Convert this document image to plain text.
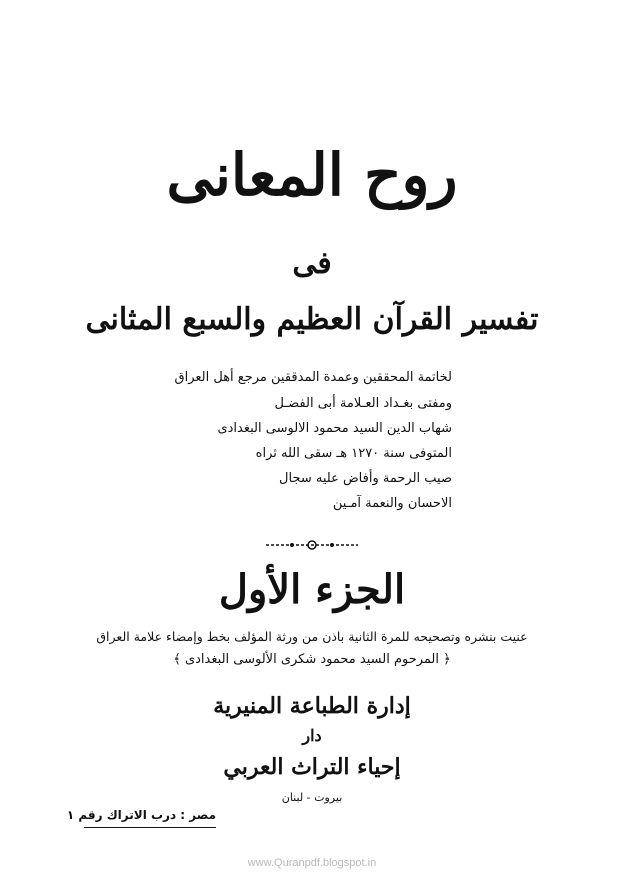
روح المعانى
فى
تفسير القرآن العظيم والسبع المثانى
لخاتمة المحققين وعمدة المدققين مرجع أهل العراق
ومفتى بغـداد العـلامة أبى الفضـل
شهاب الدين السيد محمود الالوسى البغدادى
المتوفى سنة ١٢٧٠ هـ سقى الله ثراه
صيب الرحمة وأفاض عليه سجال
الاحسان والنعمة آمـين
الجزء الأول
عنيت بنشره وتصحيحه للمرة الثانية باذن من ورثة المؤلف بخط وإمضاء علامة العراق
﴿ المرحوم السيد محمود شكرى الألوسى البغدادى ﴾
إدارة الطباعة المنيرية
دار
إحياء التراث العربي
بيروت - لبنان
مصر : درب الاتراك رقم ١
www.Quranpdf.blogspot.in
